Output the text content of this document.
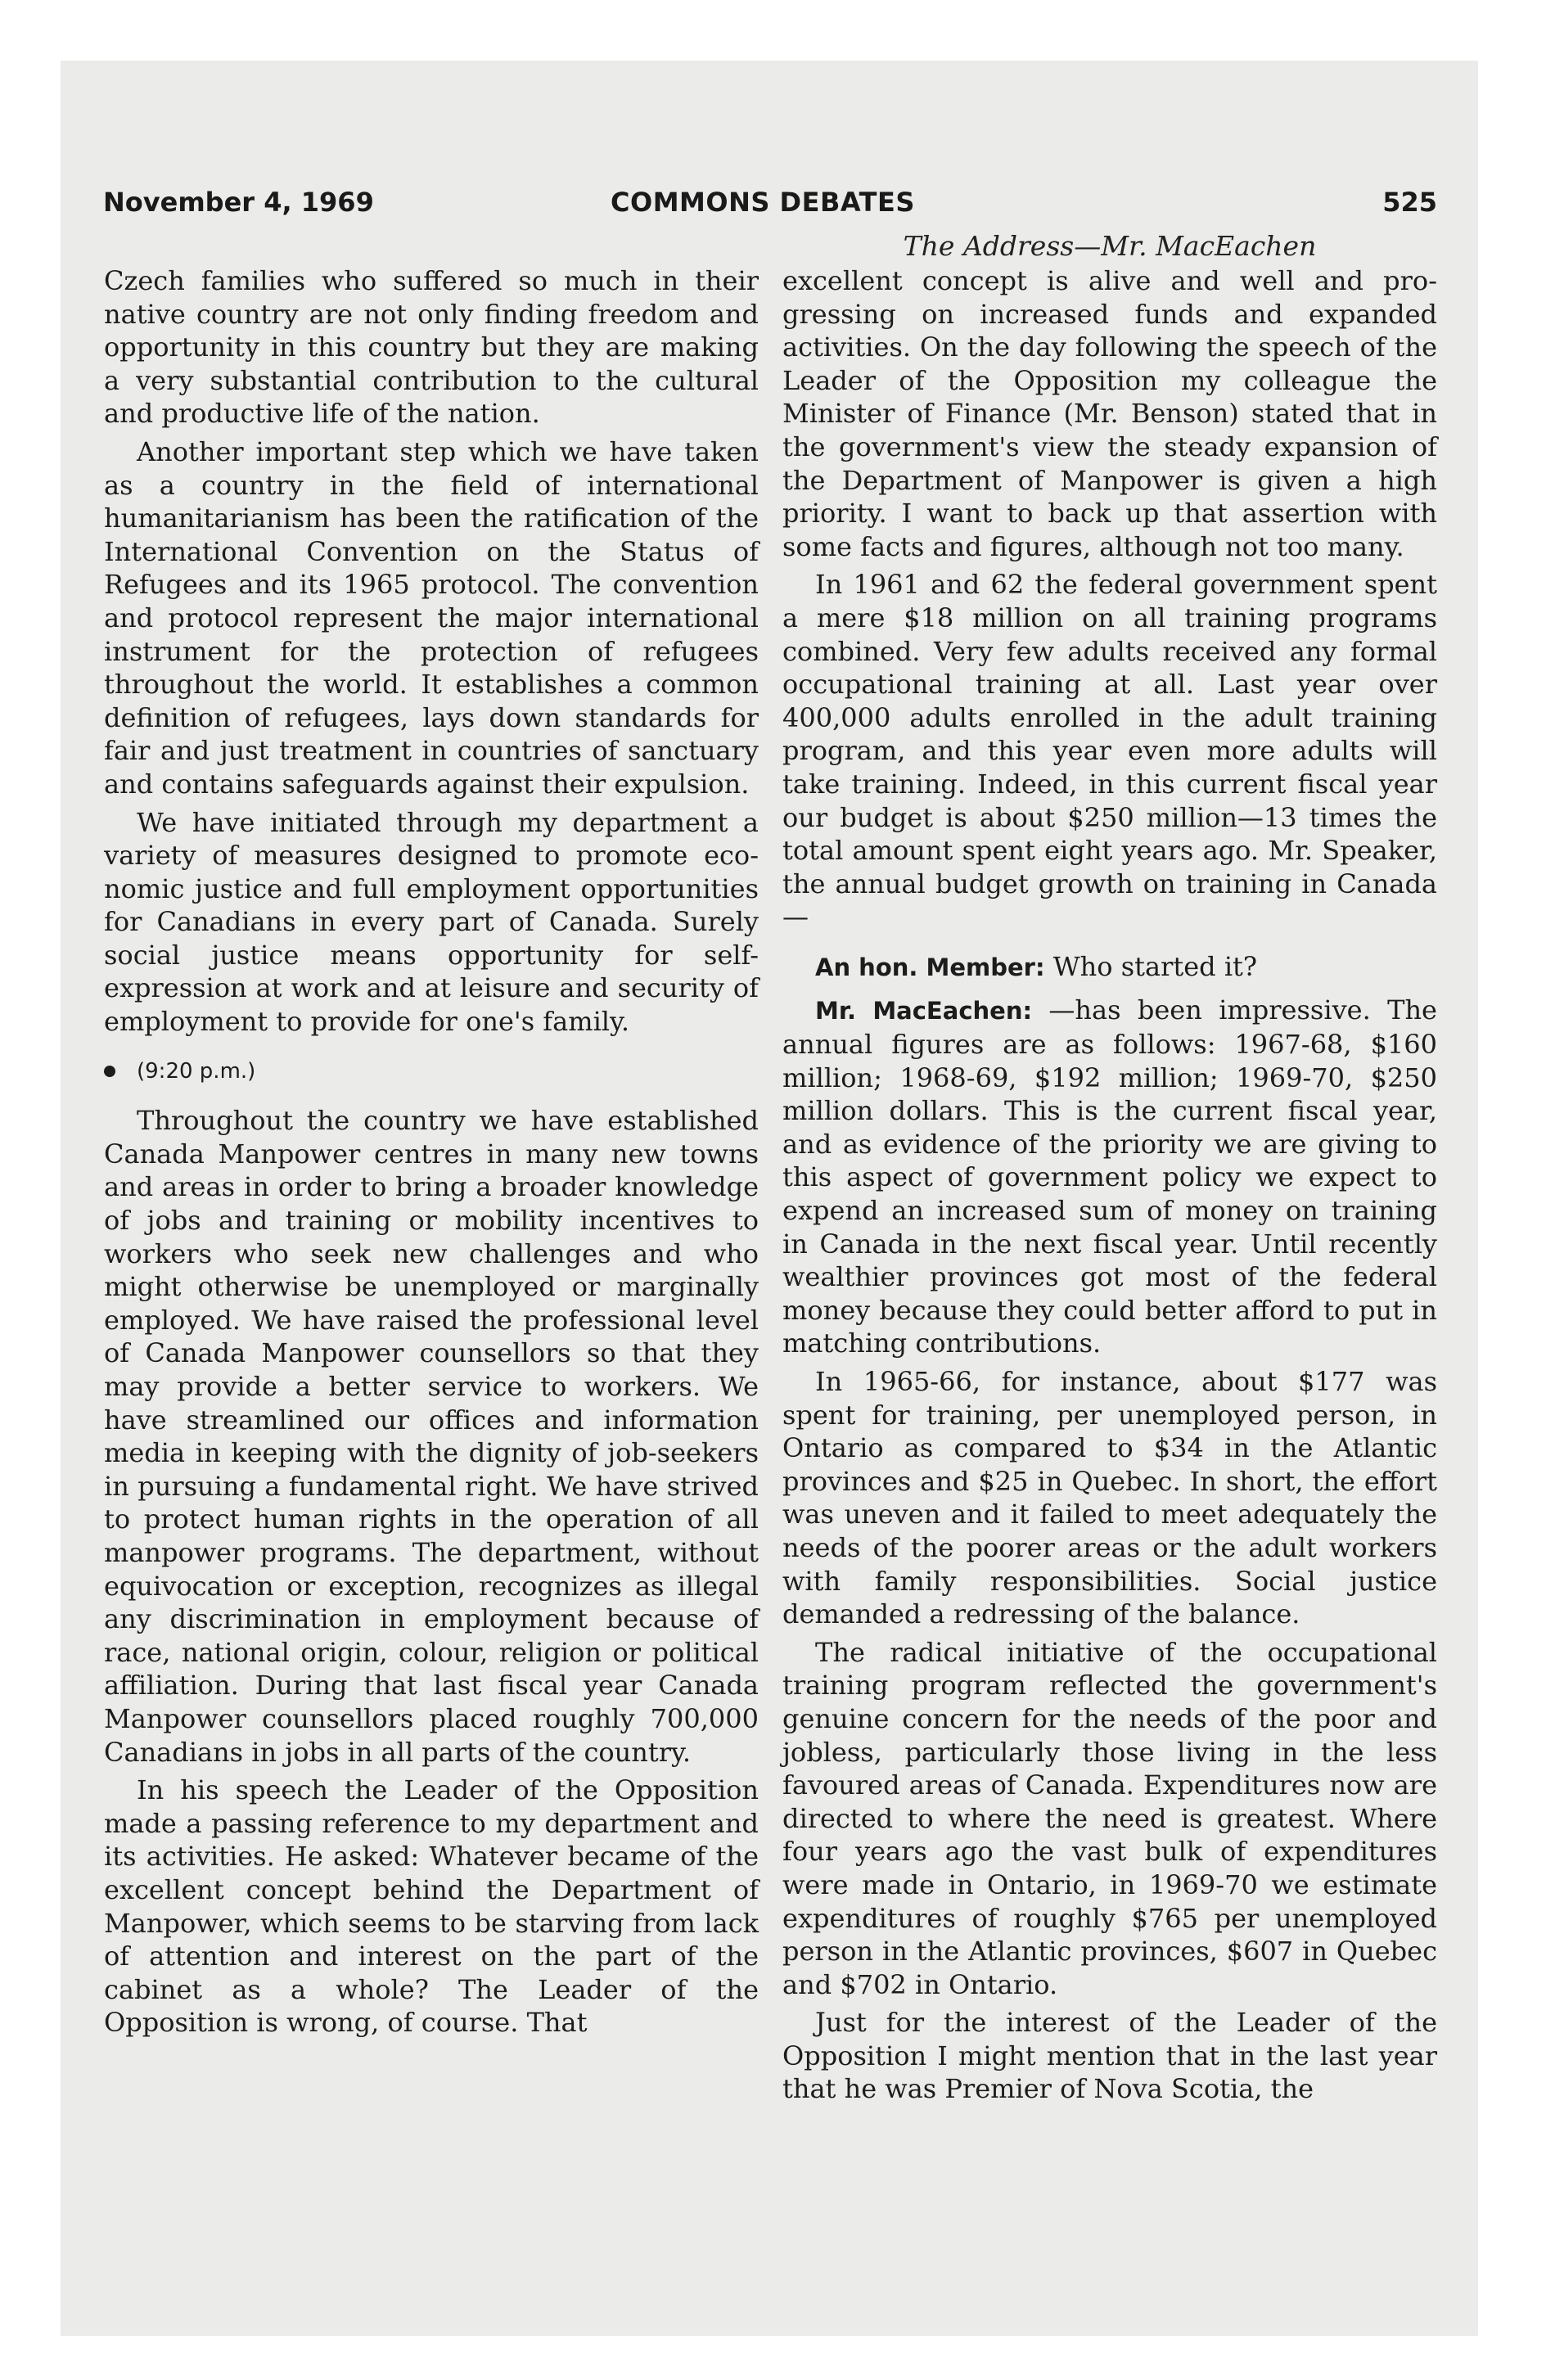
November 4, 1969	COMMONS DEBATES	525
The Address—Mr. MacEachen

Czech families who suffered so much in their native country are not only finding freedom and opportunity in this country but they are making a very substantial contribution to the cultural and productive life of the nation.

Another important step which we have taken as a country in the field of international humanitarianism has been the ratification of the International Convention on the Status of Refugees and its 1965 protocol. The convention and protocol represent the major international instrument for the protection of refugees throughout the world. It establishes a common definition of refugees, lays down standards for fair and just treatment in countries of sanctuary and contains safeguards against their expulsion.

We have initiated through my department a variety of measures designed to promote economic justice and full employment opportunities for Canadians in every part of Canada. Surely social justice means opportunity for self-expression at work and at leisure and security of employment to provide for one's family.

(9:20 p.m.)

Throughout the country we have established Canada Manpower centres in many new towns and areas in order to bring a broader knowledge of jobs and training or mobility incentives to workers who seek new challenges and who might otherwise be unemployed or marginally employed. We have raised the professional level of Canada Manpower counsellors so that they may provide a better service to workers. We have streamlined our offices and information media in keeping with the dignity of job-seekers in pursuing a fundamental right. We have strived to protect human rights in the operation of all manpower programs. The department, without equivocation or exception, recognizes as illegal any discrimination in employment because of race, national origin, colour, religion or political affiliation. During that last fiscal year Canada Manpower counsellors placed roughly 700,000 Canadians in jobs in all parts of the country.

In his speech the Leader of the Opposition made a passing reference to my department and its activities. He asked: Whatever became of the excellent concept behind the Department of Manpower, which seems to be starving from lack of attention and interest on the part of the cabinet as a whole? The Leader of the Opposition is wrong, of course. That

excellent concept is alive and well and progressing on increased funds and expanded activities. On the day following the speech of the Leader of the Opposition my colleague the Minister of Finance (Mr. Benson) stated that in the government's view the steady expansion of the Department of Manpower is given a high priority. I want to back up that assertion with some facts and figures, although not too many.

In 1961 and 62 the federal government spent a mere $18 million on all training programs combined. Very few adults received any formal occupational training at all. Last year over 400,000 adults enrolled in the adult training program, and this year even more adults will take training. Indeed, in this current fiscal year our budget is about $250 million—13 times the total amount spent eight years ago. Mr. Speaker, the annual budget growth on training in Canada—

An hon. Member: Who started it?

Mr. MacEachen: —has been impressive. The annual figures are as follows: 1967-68, $160 million; 1968-69, $192 million; 1969-70, $250 million dollars. This is the current fiscal year, and as evidence of the priority we are giving to this aspect of government policy we expect to expend an increased sum of money on training in Canada in the next fiscal year. Until recently wealthier provinces got most of the federal money because they could better afford to put in matching contributions.

In 1965-66, for instance, about $177 was spent for training, per unemployed person, in Ontario as compared to $34 in the Atlantic provinces and $25 in Quebec. In short, the effort was uneven and it failed to meet adequately the needs of the poorer areas or the adult workers with family responsibilities. Social justice demanded a redressing of the balance.

The radical initiative of the occupational training program reflected the government's genuine concern for the needs of the poor and jobless, particularly those living in the less favoured areas of Canada. Expenditures now are directed to where the need is greatest. Where four years ago the vast bulk of expenditures were made in Ontario, in 1969-70 we estimate expenditures of roughly $765 per unemployed person in the Atlantic provinces, $607 in Quebec and $702 in Ontario.

Just for the interest of the Leader of the Opposition I might mention that in the last year that he was Premier of Nova Scotia, the
